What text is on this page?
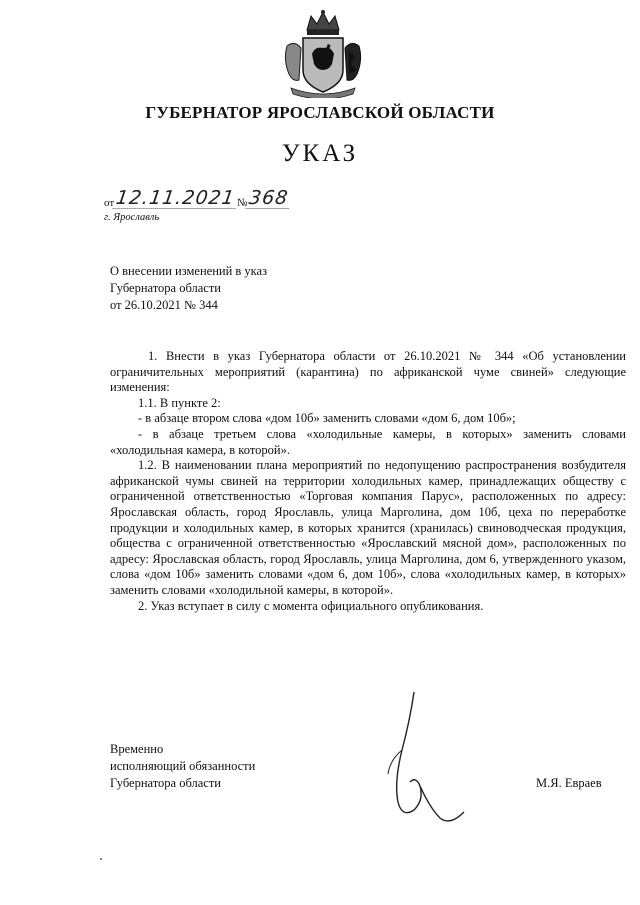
ГУБЕРНАТОР ЯРОСЛАВСКОЙ ОБЛАСТИ
УКАЗ
от12.11.2021№368
г. Ярославль
О внесении изменений в указ
Губернатора области
от 26.10.2021 № 344

1. Внести в указ Губернатора области от 26.10.2021 № 344 «Об установлении ограничительных мероприятий (карантина) по африканской чуме свиней» следующие изменения:

1.1. В пункте 2:

- в абзаце втором слова «дом 10б» заменить словами «дом 6, дом 10б»;

- в абзаце третьем слова «холодильные камеры, в которых» заменить словами «холодильная камера, в которой».

1.2. В наименовании плана мероприятий по недопущению распространения возбудителя африканской чумы свиней на территории холодильных камер, принадлежащих обществу с ограниченной ответственностью «Торговая компания Парус», расположенных по адресу: Ярославская область, город Ярославль, улица Марголина, дом 10б, цеха по переработке продукции и холодильных камер, в которых хранится (хранилась) свиноводческая продукция, общества с ограниченной ответственностью «Ярославский мясной дом», расположенных по адресу: Ярославская область, город Ярославль, улица Марголина, дом 6, утвержденного указом, слова «дом 10б» заменить словами «дом 6, дом 10б», слова «холодильных камер, в которых» заменить словами «холодильной камеры, в которой».

2. Указ вступает в силу с момента официального опубликования.

Временно
исполняющий обязанности
Губернатора области	М.Я. Евраев
